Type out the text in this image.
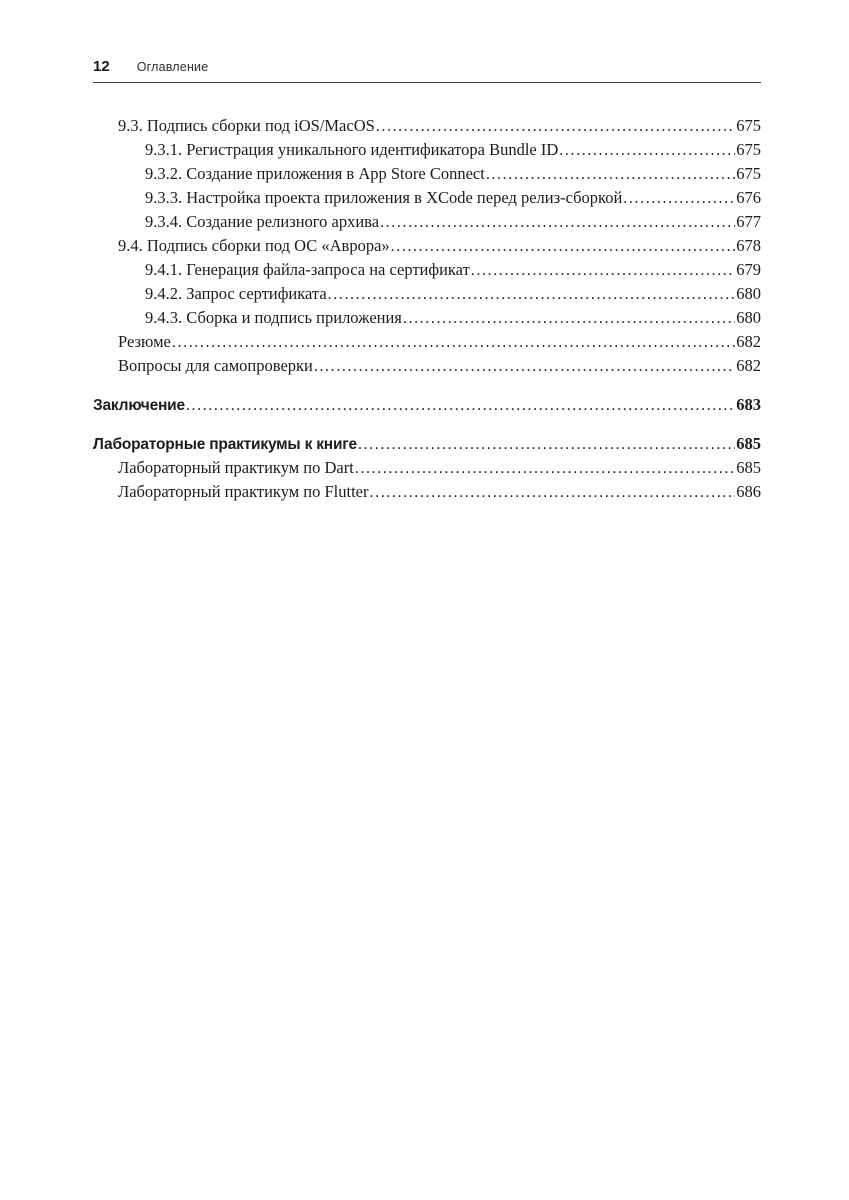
12 Оглавление
9.3. Подпись сборки под iOS/MacOS .....	675
9.3.1. Регистрация уникального идентификатора Bundle ID .....	675
9.3.2. Создание приложения в App Store Connect .....	675
9.3.3. Настройка проекта приложения в XCode перед релиз-сборкой .....	676
9.3.4. Создание релизного архива .....	677
9.4. Подпись сборки под ОС «Аврора» .....	678
9.4.1. Генерация файла-запроса на сертификат .....	679
9.4.2. Запрос сертификата .....	680
9.4.3. Сборка и подпись приложения .....	680
Резюме .....	682
Вопросы для самопроверки .....	682
Заключение .....	683
Лабораторные практикумы к книге .....	685
Лабораторный практикум по Dart .....	685
Лабораторный практикум по Flutter .....	686
